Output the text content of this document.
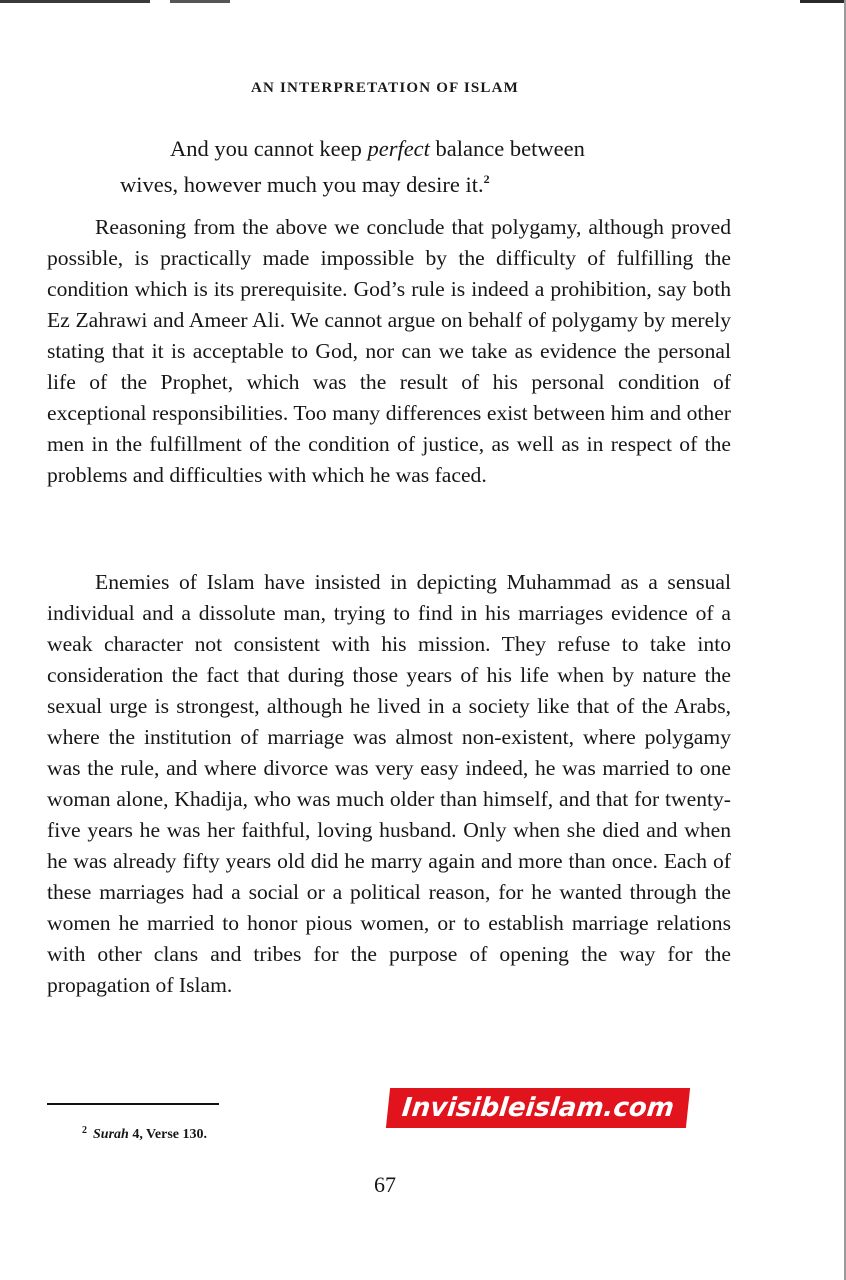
AN INTERPRETATION OF ISLAM
And you cannot keep perfect balance between
wives, however much you may desire it.$^2$

Reasoning from the above we conclude that polygamy, although proved possible, is practically made impossible by the difficulty of fulfilling the condition which is its prerequisite. God’s rule is indeed a prohibition, say both Ez Zahrawi and Ameer Ali. We cannot argue on behalf of polygamy by merely stating that it is acceptable to God, nor can we take as evidence the personal life of the Prophet, which was the result of his personal condition of exceptional responsibilities. Too many differences exist between him and other men in the fulfillment of the condition of justice, as well as in respect of the problems and difficulties with which he was faced.

Enemies of Islam have insisted in depicting Muhammad as a sensual individual and a dissolute man, trying to find in his marriages evidence of a weak character not consistent with his mission. They refuse to take into consideration the fact that during those years of his life when by nature the sexual urge is strongest, although he lived in a society like that of the Arabs, where the institution of marriage was almost non-existent, where polygamy was the rule, and where divorce was very easy indeed, he was married to one woman alone, Khadija, who was much older than himself, and that for twenty-five years he was her faithful, loving husband. Only when she died and when he was already fifty years old did he marry again and more than once. Each of these marriages had a social or a political reason, for he wanted through the women he married to honor pious women, or to establish marriage relations with other clans and tribes for the purpose of opening the way for the propagation of Islam.

Invisibleislam.com
$^2$ Surah 4, Verse 130.
67
